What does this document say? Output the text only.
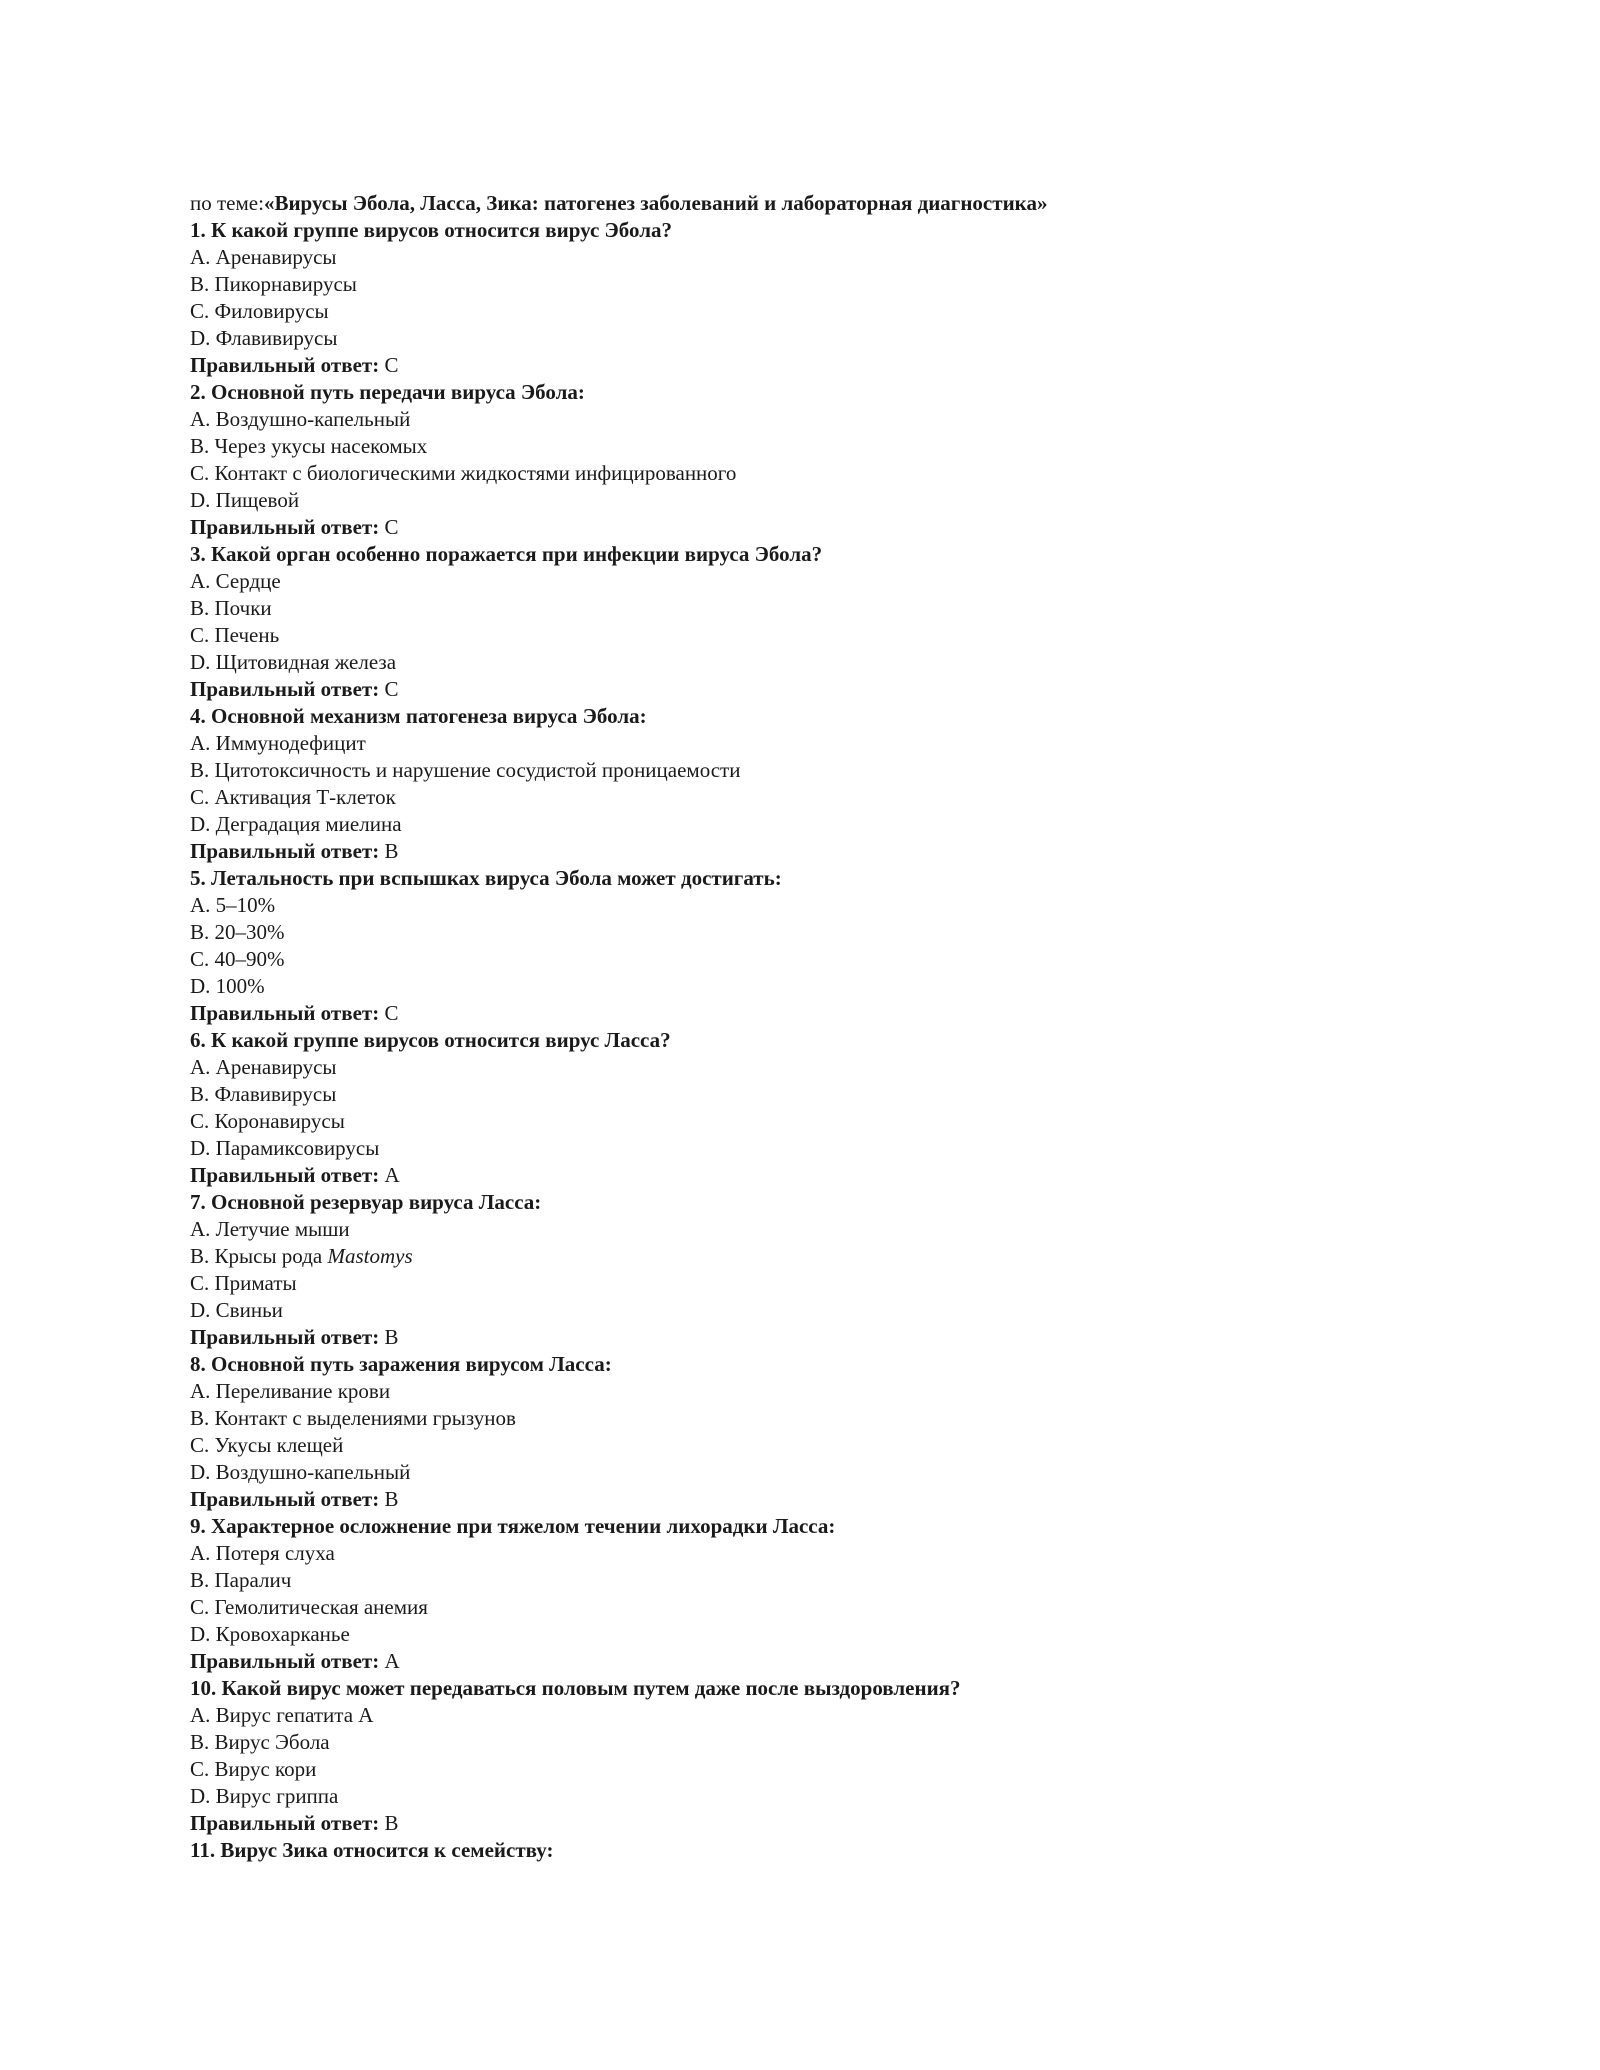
по теме:«Вирусы Эбола, Ласса, Зика: патогенез заболеваний и лабораторная диагностика»
1. К какой группе вирусов относится вирус Эбола?
A. Аренавирусы
B. Пикорнавирусы
C. Филовирусы
D. Флавивирусы
Правильный ответ: C
2. Основной путь передачи вируса Эбола:
A. Воздушно-капельный
B. Через укусы насекомых
C. Контакт с биологическими жидкостями инфицированного
D. Пищевой
Правильный ответ: C
3. Какой орган особенно поражается при инфекции вируса Эбола?
A. Сердце
B. Почки
C. Печень
D. Щитовидная железа
Правильный ответ: C
4. Основной механизм патогенеза вируса Эбола:
A. Иммунодефицит
B. Цитотоксичность и нарушение сосудистой проницаемости
C. Активация Т-клеток
D. Деградация миелина
Правильный ответ: B
5. Летальность при вспышках вируса Эбола может достигать:
A. 5–10%
B. 20–30%
C. 40–90%
D. 100%
Правильный ответ: C
6. К какой группе вирусов относится вирус Ласса?
A. Аренавирусы
B. Флавивирусы
C. Коронавирусы
D. Парамиксовирусы
Правильный ответ: A
7. Основной резервуар вируса Ласса:
A. Летучие мыши
B. Крысы рода Mastomys
C. Приматы
D. Свиньи
Правильный ответ: B
8. Основной путь заражения вирусом Ласса:
A. Переливание крови
B. Контакт с выделениями грызунов
C. Укусы клещей
D. Воздушно-капельный
Правильный ответ: B
9. Характерное осложнение при тяжелом течении лихорадки Ласса:
A. Потеря слуха
B. Паралич
C. Гемолитическая анемия
D. Кровохарканье
Правильный ответ: A
10. Какой вирус может передаваться половым путем даже после выздоровления?
A. Вирус гепатита A
B. Вирус Эбола
C. Вирус кори
D. Вирус гриппа
Правильный ответ: B
11. Вирус Зика относится к семейству:
